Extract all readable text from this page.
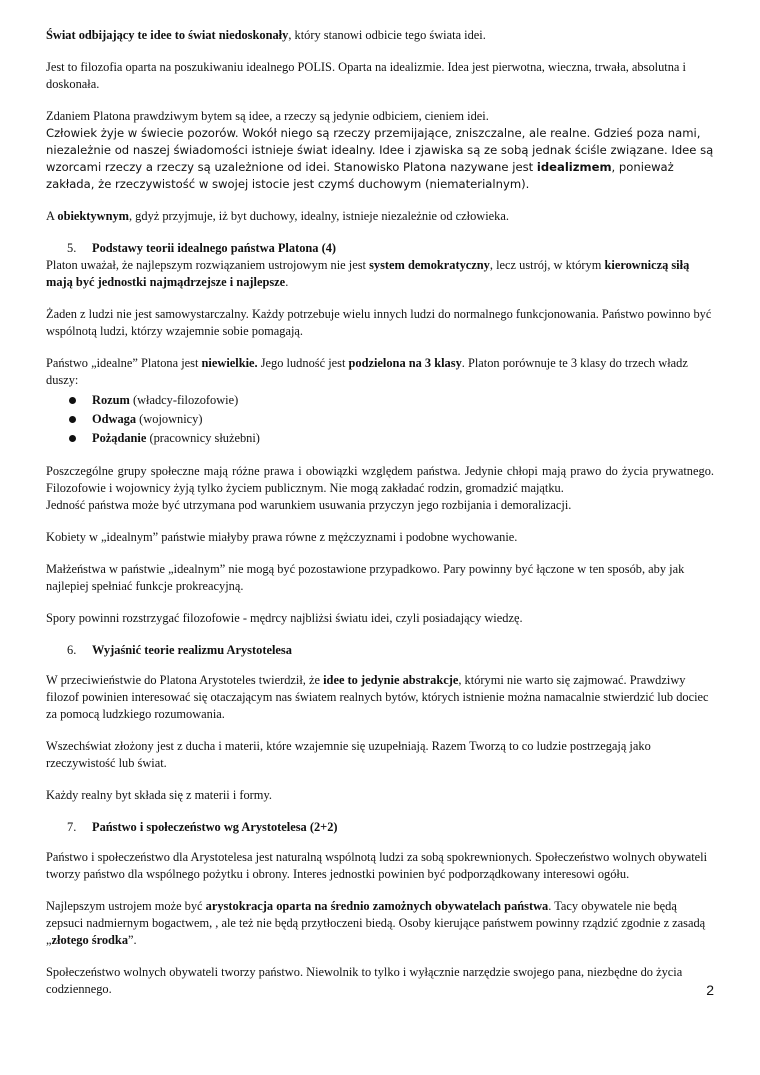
Świat odbijający te idee to świat niedoskonały, który stanowi odbicie tego świata idei.

Jest to filozofia oparta na poszukiwaniu idealnego POLIS. Oparta na idealizmie. Idea jest pierwotna, wieczna, trwała, absolutna i doskonała.

Zdaniem Platona prawdziwym bytem są idee, a rzeczy są jedynie odbiciem, cieniem idei.
Człowiek żyje w świecie pozorów. Wokół niego są rzeczy przemijające, zniszczalne, ale realne. Gdzieś poza nami, niezależnie od naszej świadomości istnieje świat idealny. Idee i zjawiska są ze sobą jednak ściśle związane. Idee są wzorcami rzeczy a rzeczy są uzależnione od idei. Stanowisko Platona nazywane jest idealizmem, ponieważ zakłada, że rzeczywistość w swojej istocie jest czymś duchowym (niematerialnym).

A obiektywnym, gdyż przyjmuje, iż byt duchowy, idealny, istnieje niezależnie od człowieka.

5. Podstawy teorii idealnego państwa Platona (4)

Platon uważał, że najlepszym rozwiązaniem ustrojowym nie jest system demokratyczny, lecz ustrój, w którym kierowniczą siłą mają być jednostki najmądrzejsze i najlepsze.

Żaden z ludzi nie jest samowystarczalny. Każdy potrzebuje wielu innych ludzi do normalnego funkcjonowania. Państwo powinno być wspólnotą ludzi, którzy wzajemnie sobie pomagają.

Państwo „idealne” Platona jest niewielkie. Jego ludność jest podzielona na 3 klasy. Platon porównuje te 3 klasy do trzech władz duszy:

Rozum (władcy-filozofowie)
Odwaga (wojownicy)
Pożądanie (pracownicy służebni)

Poszczególne grupy społeczne mają różne prawa i obowiązki względem państwa. Jedynie chłopi mają prawo do życia prywatnego. Filozofowie i wojownicy żyją tylko życiem publicznym. Nie mogą zakładać rodzin, gromadzić majątku.
Jedność państwa może być utrzymana pod warunkiem usuwania przyczyn jego rozbijania i demoralizacji.

Kobiety w „idealnym” państwie miałyby prawa równe z mężczyznami i podobne wychowanie.

Małżeństwa w państwie „idealnym” nie mogą być pozostawione przypadkowo. Pary powinny być łączone w ten sposób, aby jak najlepiej spełniać funkcje prokreacyjną.

Spory powinni rozstrzygać filozofowie - mędrcy najbliżsi światu idei, czyli posiadający wiedzę.

6. Wyjaśnić teorie realizmu Arystotelesa

W przeciwieństwie do Platona Arystoteles twierdził, że idee to jedynie abstrakcje, którymi nie warto się zajmować. Prawdziwy filozof powinien interesować się otaczającym nas światem realnych bytów, których istnienie można namacalnie stwierdzić lub dociec za pomocą ludzkiego rozumowania.

Wszechświat złożony jest z ducha i materii, które wzajemnie się uzupełniają. Razem Tworzą to co ludzie postrzegają jako rzeczywistość lub świat.

Każdy realny byt składa się z materii i formy.

7. Państwo i społeczeństwo wg Arystotelesa (2+2)

Państwo i społeczeństwo dla Arystotelesa jest naturalną wspólnotą ludzi za sobą spokrewnionych. Społeczeństwo wolnych obywateli tworzy państwo dla wspólnego pożytku i obrony. Interes jednostki powinien być podporządkowany interesowi ogółu.

Najlepszym ustrojem może być arystokracja oparta na średnio zamożnych obywatelach państwa. Tacy obywatele nie będą zepsuci nadmiernym bogactwem, , ale też nie będą przytłoczeni biedą. Osoby kierujące państwem powinny rządzić zgodnie z zasadą „złotego środka”.

Społeczeństwo wolnych obywateli tworzy państwo. Niewolnik to tylko i wyłącznie narzędzie swojego pana, niezbędne do życia codziennego.	2
